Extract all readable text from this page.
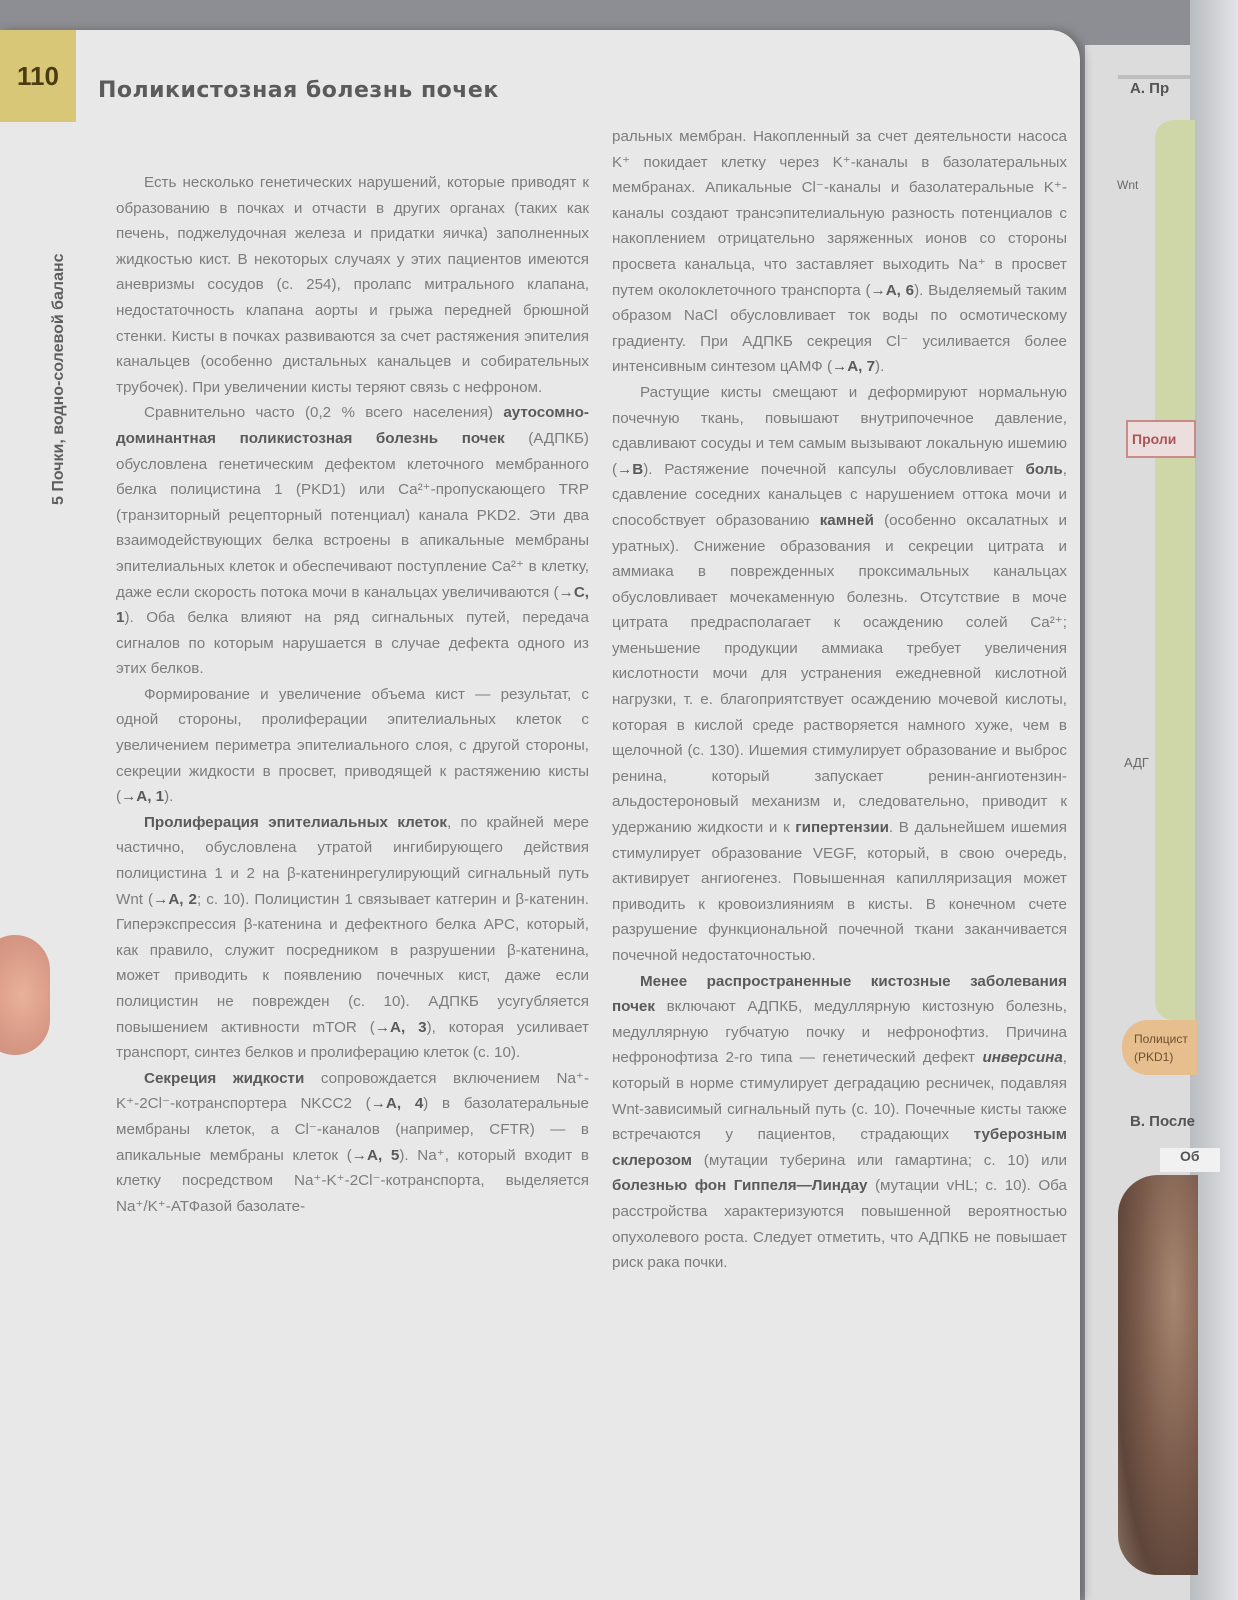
А. Пр
Wnt
Проли
АДГ
Полицист
(PKD1)
В. После
Об
110	Поликистозная болезнь почек
5 Почки, водно-солевой баланс

Есть несколько генетических нарушений, которые приводят к образованию в почках и отчасти в других органах (таких как печень, поджелудочная железа и придатки яичка) заполненных жидкостью кист. В некоторых случаях у этих пациентов имеются аневризмы сосудов (с. 254), пролапс митрального клапана, недостаточность клапана аорты и грыжа передней брюшной стенки. Кисты в почках развиваются за счет растяжения эпителия канальцев (особенно дистальных канальцев и собирательных трубочек). При увеличении кисты теряют связь с нефроном.

Сравнительно часто (0,2 % всего населения) аутосомно-доминантная поликистозная болезнь почек (АДПКБ) обусловлена генетическим дефектом клеточного мембранного белка полицистина 1 (PKD1) или Ca²⁺-пропускающего TRP (транзиторный рецепторный потенциал) канала PKD2. Эти два взаимодействующих белка встроены в апикальные мембраны эпителиальных клеток и обеспечивают поступление Ca²⁺ в клетку, даже если скорость потока мочи в канальцах увеличиваются (→C, 1). Оба белка влияют на ряд сигнальных путей, передача сигналов по которым нарушается в случае дефекта одного из этих белков.

Формирование и увеличение объема кист — результат, с одной стороны, пролиферации эпителиальных клеток с увеличением периметра эпителиального слоя, с другой стороны, секреции жидкости в просвет, приводящей к растяжению кисты (→A, 1).

Пролиферация эпителиальных клеток, по крайней мере частично, обусловлена утратой ингибирующего действия полицистина 1 и 2 на β-катенинрегулирующий сигнальный путь Wnt (→A, 2; с. 10). Полицистин 1 связывает катгерин и β-катенин. Гиперэкспрессия β-катенина и дефектного белка APC, который, как правило, служит посредником в разрушении β-катенина, может приводить к появлению почечных кист, даже если полицистин не поврежден (с. 10). АДПКБ усугубляется повышением активности mTOR (→A, 3), которая усиливает транспорт, синтез белков и пролиферацию клеток (с. 10).

Секреция жидкости сопровождается включением Na⁺-K⁺-2Cl⁻-котранспортера NKCC2 (→A, 4) в базолатеральные мембраны клеток, а Cl⁻-каналов (например, CFTR) — в апикальные мембраны клеток (→A, 5). Na⁺, который входит в клетку посредством Na⁺-K⁺-2Cl⁻-котранспорта, выделяется Na⁺/K⁺-АТФазой базолате-

ральных мембран. Накопленный за счет деятельности насоса K⁺ покидает клетку через K⁺-каналы в базолатеральных мембранах. Апикальные Cl⁻-каналы и базолатеральные K⁺-каналы создают трансэпителиальную разность потенциалов с накоплением отрицательно заряженных ионов со стороны просвета канальца, что заставляет выходить Na⁺ в просвет путем околоклеточного транспорта (→A, 6). Выделяемый таким образом NaCl обусловливает ток воды по осмотическому градиенту. При АДПКБ секреция Cl⁻ усиливается более интенсивным синтезом цАМФ (→A, 7).

Растущие кисты смещают и деформируют нормальную почечную ткань, повышают внутрипочечное давление, сдавливают сосуды и тем самым вызывают локальную ишемию (→B). Растяжение почечной капсулы обусловливает боль, сдавление соседних канальцев с нарушением оттока мочи и способствует образованию камней (особенно оксалатных и уратных). Снижение образования и секреции цитрата и аммиака в поврежденных проксимальных канальцах обусловливает мочекаменную болезнь. Отсутствие в моче цитрата предрасполагает к осаждению солей Ca²⁺; уменьшение продукции аммиака требует увеличения кислотности мочи для устранения ежедневной кислотной нагрузки, т. е. благоприятствует осаждению мочевой кислоты, которая в кислой среде растворяется намного хуже, чем в щелочной (с. 130). Ишемия стимулирует образование и выброс ренина, который запускает ренин-ангиотензин-альдостероновый механизм и, следовательно, приводит к удержанию жидкости и к гипертензии. В дальнейшем ишемия стимулирует образование VEGF, который, в свою очередь, активирует ангиогенез. Повышенная капилляризация может приводить к кровоизлияниям в кисты. В конечном счете разрушение функциональной почечной ткани заканчивается почечной недостаточностью.

Менее распространенные кистозные заболевания почек включают АДПКБ, медуллярную кистозную болезнь, медуллярную губчатую почку и нефронофтиз. Причина нефронофтиза 2-го типа — генетический дефект инверсина, который в норме стимулирует деградацию ресничек, подавляя Wnt-зависимый сигнальный путь (с. 10). Почечные кисты также встречаются у пациентов, страдающих туберозным склерозом (мутации туберина или гамартина; с. 10) или болезнью фон Гиппеля—Линдау (мутации vHL; с. 10). Оба расстройства характеризуются повышенной вероятностью опухолевого роста. Следует отметить, что АДПКБ не повышает риск рака почки.
